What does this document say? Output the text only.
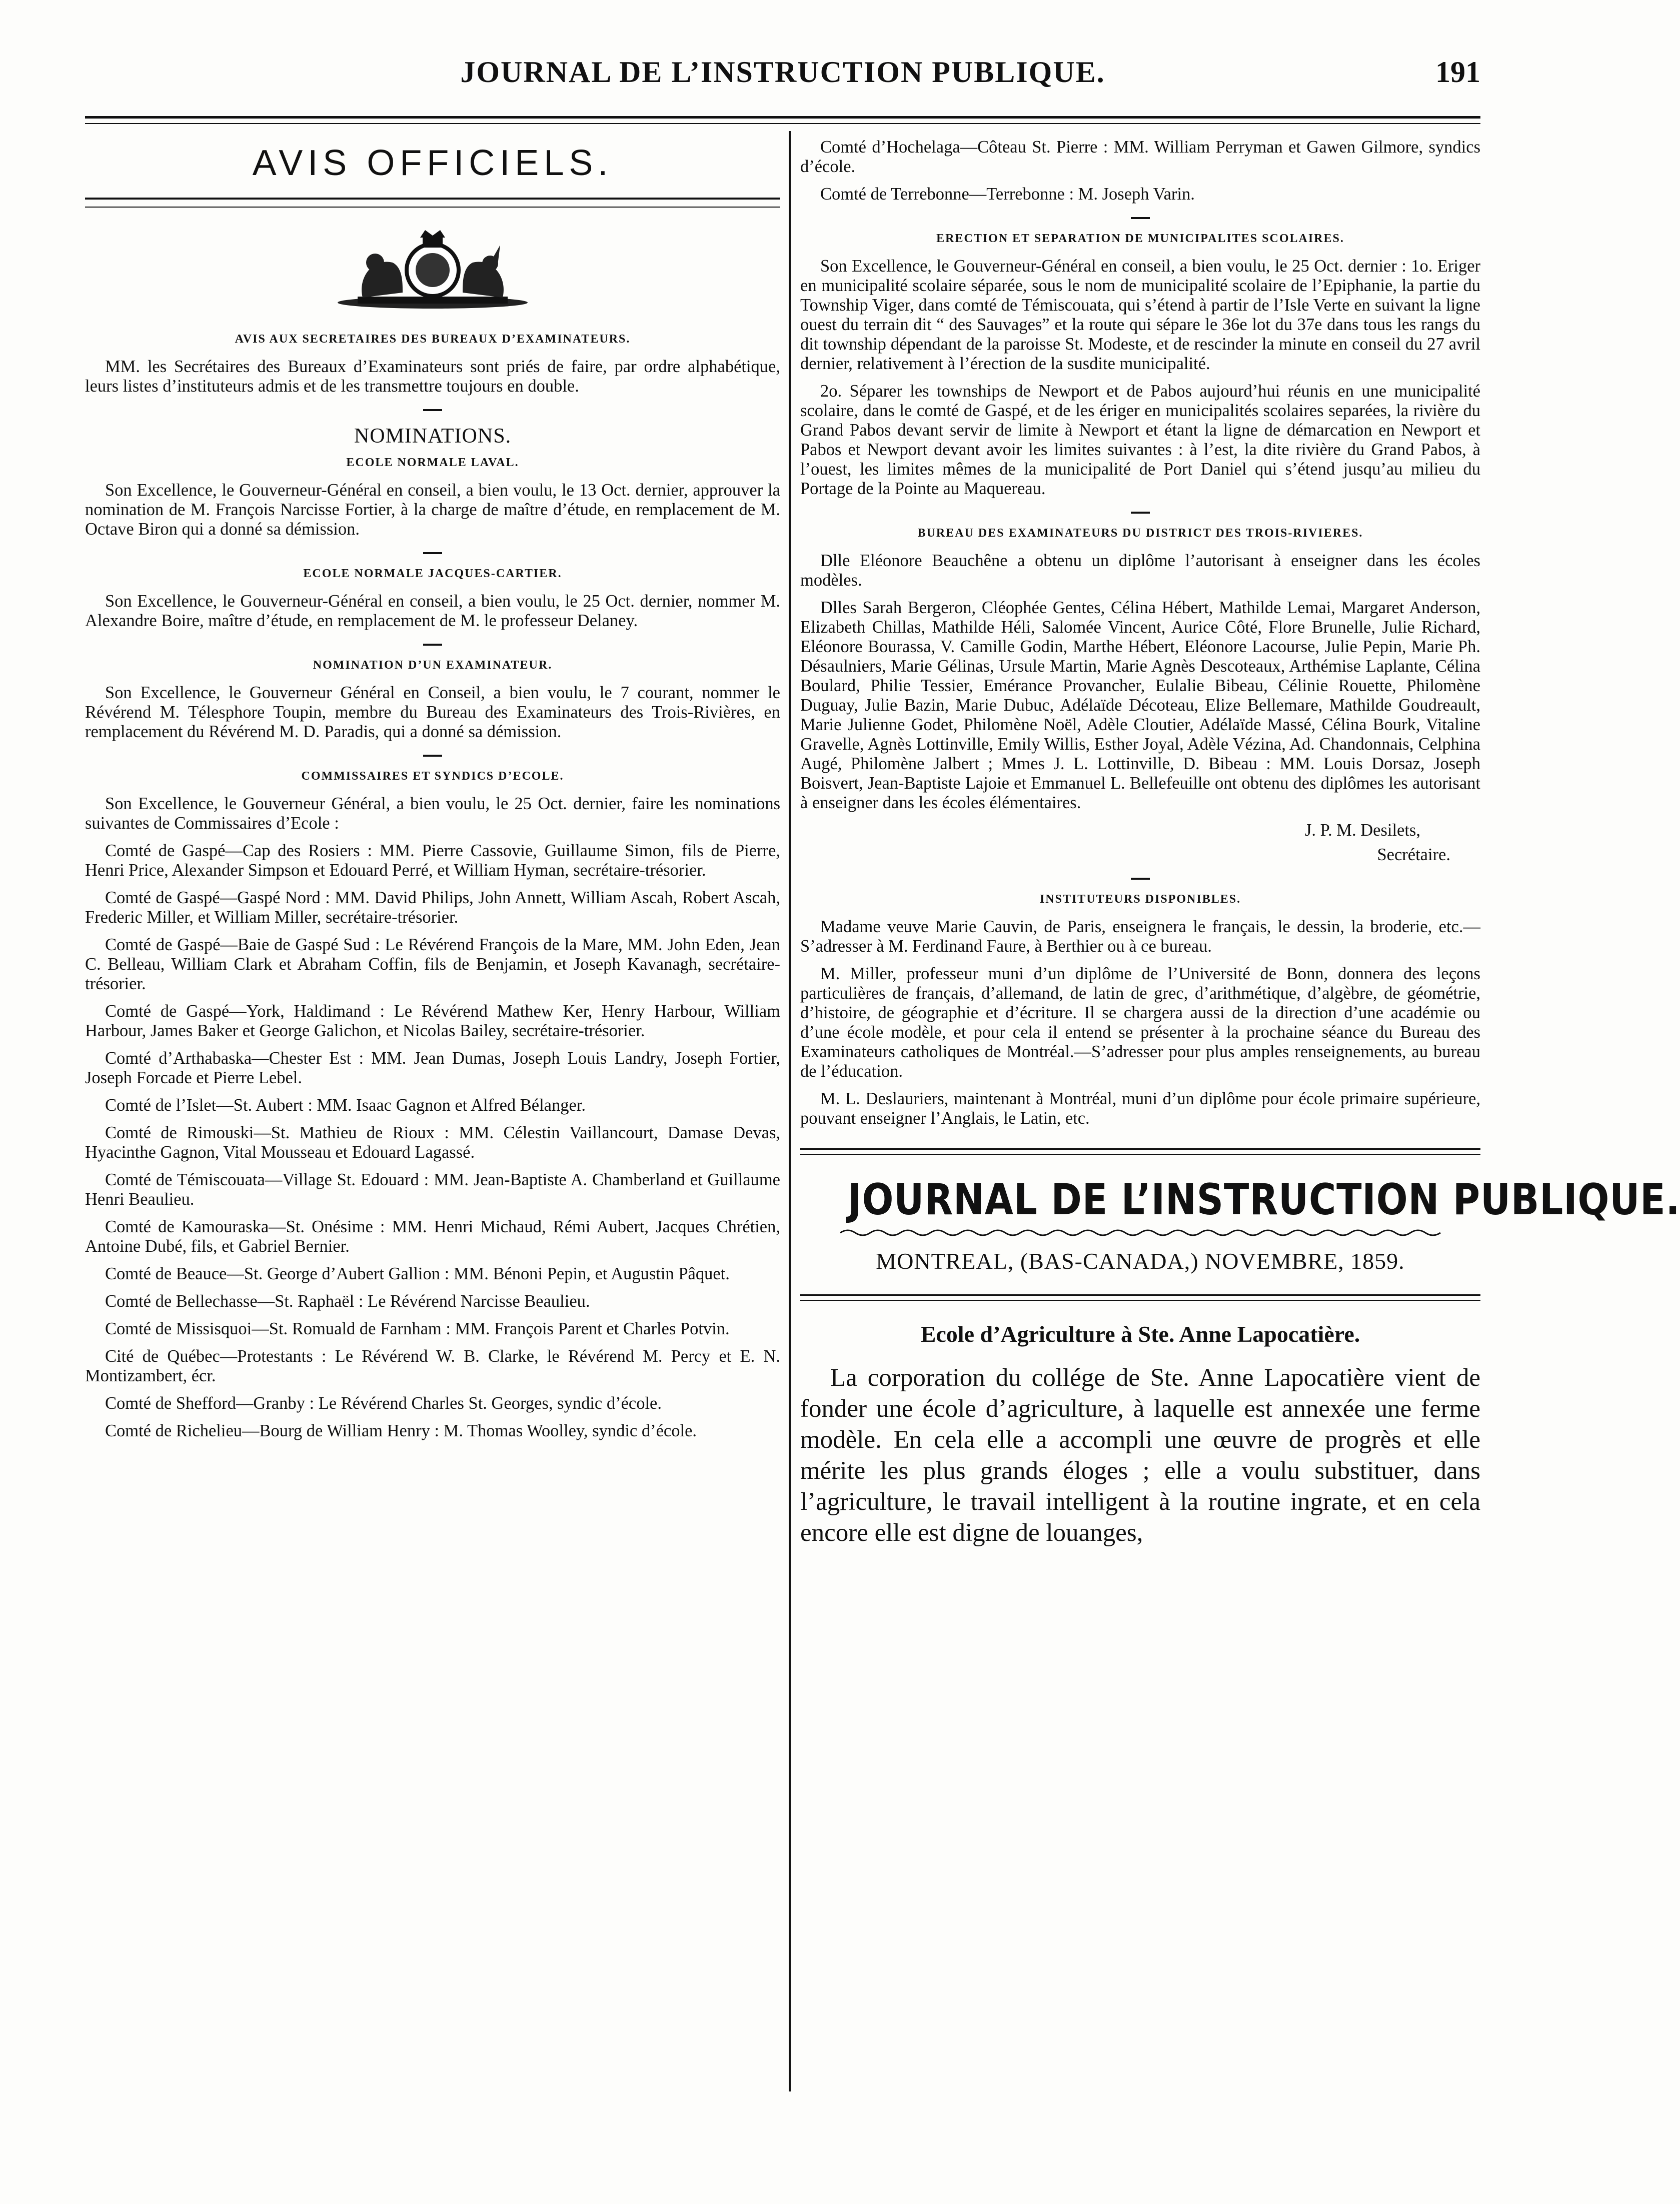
JOURNAL DE L’INSTRUCTION PUBLIQUE.	191
AVIS OFFICIELS.
AVIS AUX SECRETAIRES DES BUREAUX D’EXAMINATEURS.

MM. les Secrétaires des Bureaux d’Examinateurs sont priés de faire, par ordre alphabétique, leurs listes d’instituteurs admis et de les transmettre toujours en double.

NOMINATIONS.
ECOLE NORMALE LAVAL.

Son Excellence, le Gouverneur-Général en conseil, a bien voulu, le 13 Oct. dernier, approuver la nomination de M. François Narcisse Fortier, à la charge de maître d’étude, en remplacement de M. Octave Biron qui a donné sa démission.

ECOLE NORMALE JACQUES-CARTIER.

Son Excellence, le Gouverneur-Général en conseil, a bien voulu, le 25 Oct. dernier, nommer M. Alexandre Boire, maître d’étude, en remplacement de M. le professeur Delaney.

NOMINATION D’UN EXAMINATEUR.

Son Excellence, le Gouverneur Général en Conseil, a bien voulu, le 7 courant, nommer le Révérend M. Télesphore Toupin, membre du Bureau des Examinateurs des Trois-Rivières, en remplacement du Révérend M. D. Paradis, qui a donné sa démission.

COMMISSAIRES ET SYNDICS D’ECOLE.

Son Excellence, le Gouverneur Général, a bien voulu, le 25 Oct. dernier, faire les nominations suivantes de Commissaires d’Ecole :

Comté de Gaspé—Cap des Rosiers : MM. Pierre Cassovie, Guillaume Simon, fils de Pierre, Henri Price, Alexander Simpson et Edouard Perré, et William Hyman, secrétaire-trésorier.

Comté de Gaspé—Gaspé Nord : MM. David Philips, John Annett, William Ascah, Robert Ascah, Frederic Miller, et William Miller, secrétaire-trésorier.

Comté de Gaspé—Baie de Gaspé Sud : Le Révérend François de la Mare, MM. John Eden, Jean C. Belleau, William Clark et Abraham Coffin, fils de Benjamin, et Joseph Kavanagh, secrétaire-trésorier.

Comté de Gaspé—York, Haldimand : Le Révérend Mathew Ker, Henry Harbour, William Harbour, James Baker et George Galichon, et Nicolas Bailey, secrétaire-trésorier.

Comté d’Arthabaska—Chester Est : MM. Jean Dumas, Joseph Louis Landry, Joseph Fortier, Joseph Forcade et Pierre Lebel.

Comté de l’Islet—St. Aubert : MM. Isaac Gagnon et Alfred Bélanger.

Comté de Rimouski—St. Mathieu de Rioux : MM. Célestin Vaillancourt, Damase Devas, Hyacinthe Gagnon, Vital Mousseau et Edouard Lagassé.

Comté de Témiscouata—Village St. Edouard : MM. Jean-Baptiste A. Chamberland et Guillaume Henri Beaulieu.

Comté de Kamouraska—St. Onésime : MM. Henri Michaud, Rémi Aubert, Jacques Chrétien, Antoine Dubé, fils, et Gabriel Bernier.

Comté de Beauce—St. George d’Aubert Gallion : MM. Bénoni Pepin, et Augustin Pâquet.

Comté de Bellechasse—St. Raphaël : Le Révérend Narcisse Beaulieu.

Comté de Missisquoi—St. Romuald de Farnham : MM. François Parent et Charles Potvin.

Cité de Québec—Protestants : Le Révérend W. B. Clarke, le Révérend M. Percy et E. N. Montizambert, écr.

Comté de Shefford—Granby : Le Révérend Charles St. Georges, syndic d’école.

Comté de Richelieu—Bourg de William Henry : M. Thomas Woolley, syndic d’école.

Comté d’Hochelaga—Côteau St. Pierre : MM. William Perryman et Gawen Gilmore, syndics d’école.

Comté de Terrebonne—Terrebonne : M. Joseph Varin.

ERECTION ET SEPARATION DE MUNICIPALITES SCOLAIRES.

Son Excellence, le Gouverneur-Général en conseil, a bien voulu, le 25 Oct. dernier : 1o. Eriger en municipalité scolaire séparée, sous le nom de municipalité scolaire de l’Epiphanie, la partie du Township Viger, dans comté de Témiscouata, qui s’étend à partir de l’Isle Verte en suivant la ligne ouest du terrain dit “ des Sauvages” et la route qui sépare le 36e lot du 37e dans tous les rangs du dit township dépendant de la paroisse St. Modeste, et de rescinder la minute en conseil du 27 avril dernier, relativement à l’érection de la susdite municipalité.

2o. Séparer les townships de Newport et de Pabos aujourd’hui réunis en une municipalité scolaire, dans le comté de Gaspé, et de les ériger en municipalités scolaires separées, la rivière du Grand Pabos devant servir de limite à Newport et étant la ligne de démarcation en Newport et Pabos et Newport devant avoir les limites suivantes : à l’est, la dite rivière du Grand Pabos, à l’ouest, les limites mêmes de la municipalité de Port Daniel qui s’étend jusqu’au milieu du Portage de la Pointe au Maquereau.

BUREAU DES EXAMINATEURS DU DISTRICT DES TROIS-RIVIERES.

Dlle Eléonore Beauchêne a obtenu un diplôme l’autorisant à enseigner dans les écoles modèles.

Dlles Sarah Bergeron, Cléophée Gentes, Célina Hébert, Mathilde Lemai, Margaret Anderson, Elizabeth Chillas, Mathilde Héli, Salomée Vincent, Aurice Côté, Flore Brunelle, Julie Richard, Eléonore Bourassa, V. Camille Godin, Marthe Hébert, Eléonore Lacourse, Julie Pepin, Marie Ph. Désaulniers, Marie Gélinas, Ursule Martin, Marie Agnès Descoteaux, Arthémise Laplante, Célina Boulard, Philie Tessier, Emérance Provancher, Eulalie Bibeau, Célinie Rouette, Philomène Duguay, Julie Bazin, Marie Dubuc, Adélaïde Décoteau, Elize Bellemare, Mathilde Goudreault, Marie Julienne Godet, Philomène Noël, Adèle Cloutier, Adélaïde Massé, Célina Bourk, Vitaline Gravelle, Agnès Lottinville, Emily Willis, Esther Joyal, Adèle Vézina, Ad. Chandonnais, Celphina Augé, Philomène Jalbert ; Mmes J. L. Lottinville, D. Bibeau : MM. Louis Dorsaz, Joseph Boisvert, Jean-Baptiste Lajoie et Emmanuel L. Bellefeuille ont obtenu des diplômes les autorisant à enseigner dans les écoles élémentaires.

J. P. M. Desilets,
Secrétaire.
INSTITUTEURS DISPONIBLES.

Madame veuve Marie Cauvin, de Paris, enseignera le français, le dessin, la broderie, etc.—S’adresser à M. Ferdinand Faure, à Berthier ou à ce bureau.

M. Miller, professeur muni d’un diplôme de l’Université de Bonn, donnera des leçons particulières de français, d’allemand, de latin de grec, d’arithmétique, d’algèbre, de géométrie, d’histoire, de géographie et d’écriture. Il se chargera aussi de la direction d’une académie ou d’une école modèle, et pour cela il entend se présenter à la prochaine séance du Bureau des Examinateurs catholiques de Montréal.—S’adresser pour plus amples renseignements, au bureau de l’éducation.

M. L. Deslauriers, maintenant à Montréal, muni d’un diplôme pour école primaire supérieure, pouvant enseigner l’Anglais, le Latin, etc.

JOURNAL DE L’INSTRUCTION PUBLIQUE.
MONTREAL, (BAS-CANADA,) NOVEMBRE, 1859.
Ecole d’Agriculture à Ste. Anne Lapocatière.

La corporation du collége de Ste. Anne Lapocatière vient de fonder une école d’agriculture, à laquelle est annexée une ferme modèle. En cela elle a accompli une œuvre de progrès et elle mérite les plus grands éloges ; elle a voulu substituer, dans l’agriculture, le travail intelligent à la routine ingrate, et en cela encore elle est digne de louanges,
